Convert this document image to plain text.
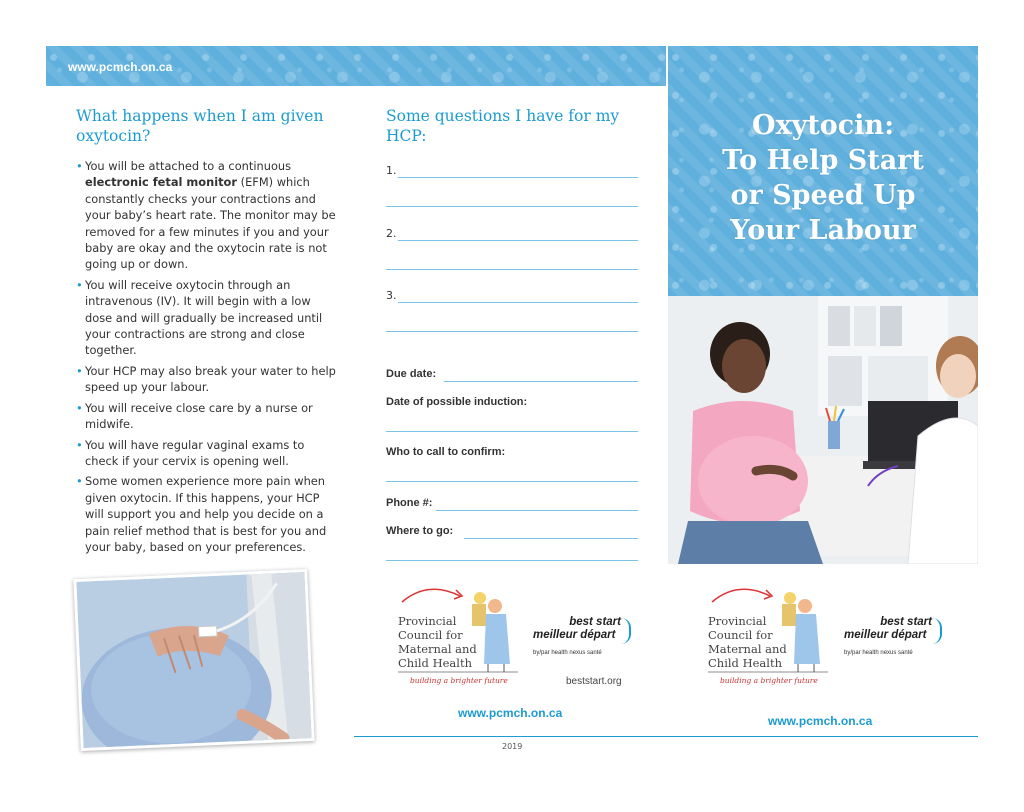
www.pcmch.on.ca
Oxytocin:
To Help Start
or Speed Up
Your Labour
What happens when I am given oxytocin?
• You will be attached to a continuous electronic fetal monitor (EFM) which constantly checks your contractions and your baby’s heart rate. The monitor may be removed for a few minutes if you and your baby are okay and the oxytocin rate is not going up or down.
• You will receive oxytocin through an intravenous (IV). It will begin with a low dose and will gradually be increased until your contractions are strong and close together.
• Your HCP may also break your water to help speed up your labour.
• You will receive close care by a nurse or midwife.
• You will have regular vaginal exams to check if your cervix is opening well.
• Some women experience more pain when given oxytocin. If this happens, your HCP will support you and help you decide on a pain relief method that is best for you and your baby, based on your preferences.
Some questions I have for my HCP:
1.
2.
3.
Due date:
Date of possible induction:
Who to call to confirm:
Phone #:
Where to go:
Provincial
Council for
Maternal and
Child Health
building a brighter future
best start
meilleur départ
by/par health nexus santé
beststart.org
www.pcmch.on.ca
2019
Provincial
Council for
Maternal and
Child Health
building a brighter future
best start
meilleur départ
by/par health nexus santé
www.pcmch.on.ca
